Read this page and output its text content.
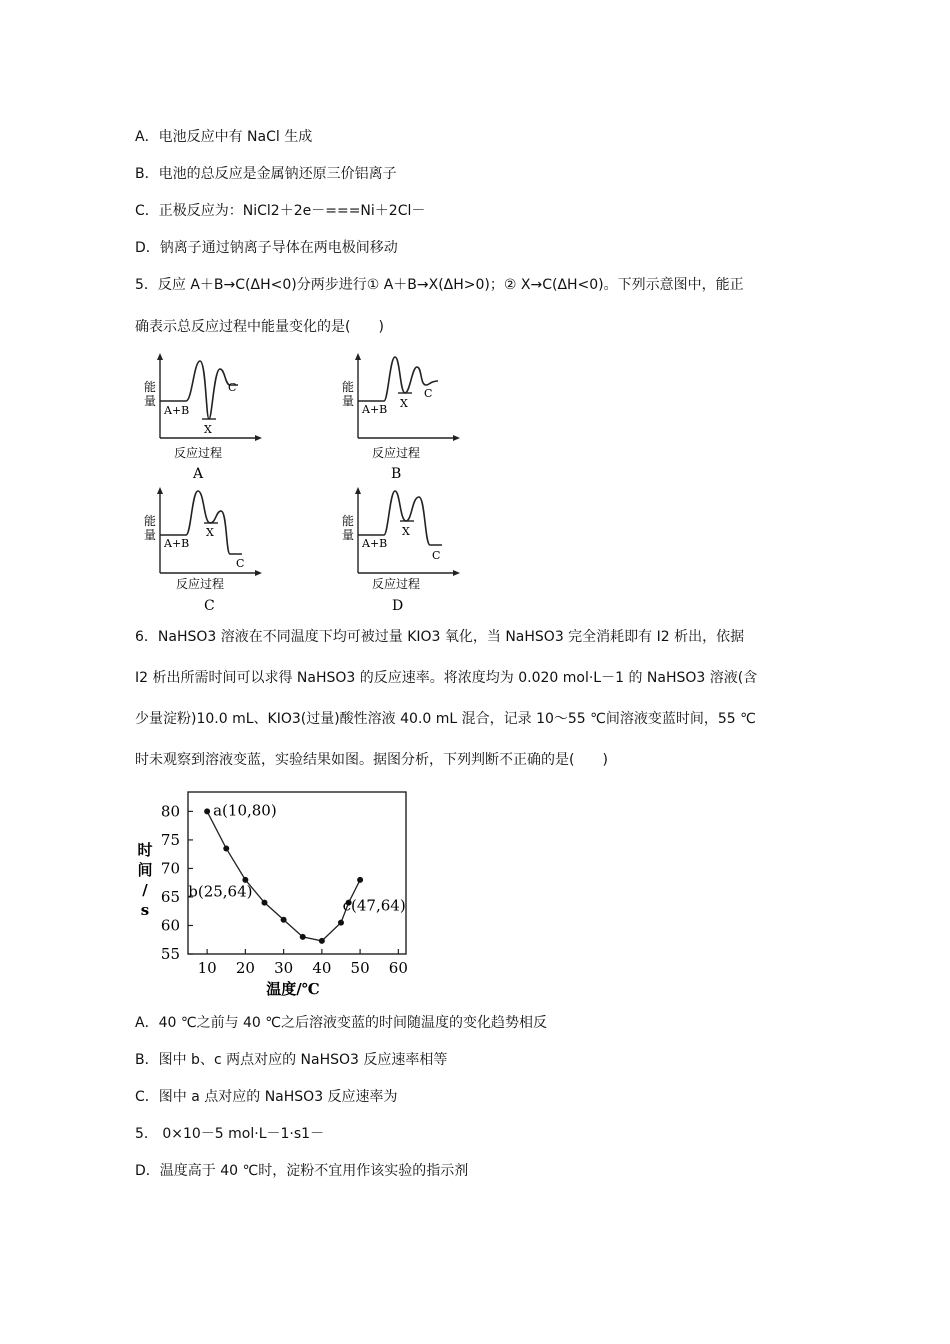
A．电池反应中有 NaCl 生成
B．电池的总反应是金属钠还原三价铝离子
C．正极反应为：NiCl2＋2e－===Ni＋2Cl－
D．钠离子通过钠离子导体在两电极间移动
5．反应 A＋B→C(ΔH<0)分两步进行① A＋B→X(ΔH>0)；② X→C(ΔH<0)。下列示意图中，能正
确表示总反应过程中能量变化的是(　　)
能
量
A+B
X
C
反应过程
A
能
量
A+B X
C
反应过程
B
能
量
A+B
X
C
反应过程
C
能
量
A+B
X
C
反应过程
D
6．NaHSO3 溶液在不同温度下均可被过量 KIO3 氧化，当 NaHSO3 完全消耗即有 I2 析出，依据
I2 析出所需时间可以求得 NaHSO3 的反应速率。将浓度均为 0.020 mol·L－1 的 NaHSO3 溶液(含
少量淀粉)10.0 mL、KIO3(过量)酸性溶液 40.0 mL 混合，记录 10～55 ℃间溶液变蓝时间，55 ℃
时未观察到溶液变蓝，实验结果如图。据图分析，下列判断不正确的是(　　)
55
60
65
70
75
80
10 20 30 40 50 60
时
间
/
s
温度/℃
a(10,80)
b(25,64)
c(47,64)
A．40 ℃之前与 40 ℃之后溶液变蓝的时间随温度的变化趋势相反
B．图中 b、c 两点对应的 NaHSO3 反应速率相等
C．图中 a 点对应的 NaHSO3 反应速率为
5． 0×10－5 mol·L－1·s1－
D．温度高于 40 ℃时，淀粉不宜用作该实验的指示剂
